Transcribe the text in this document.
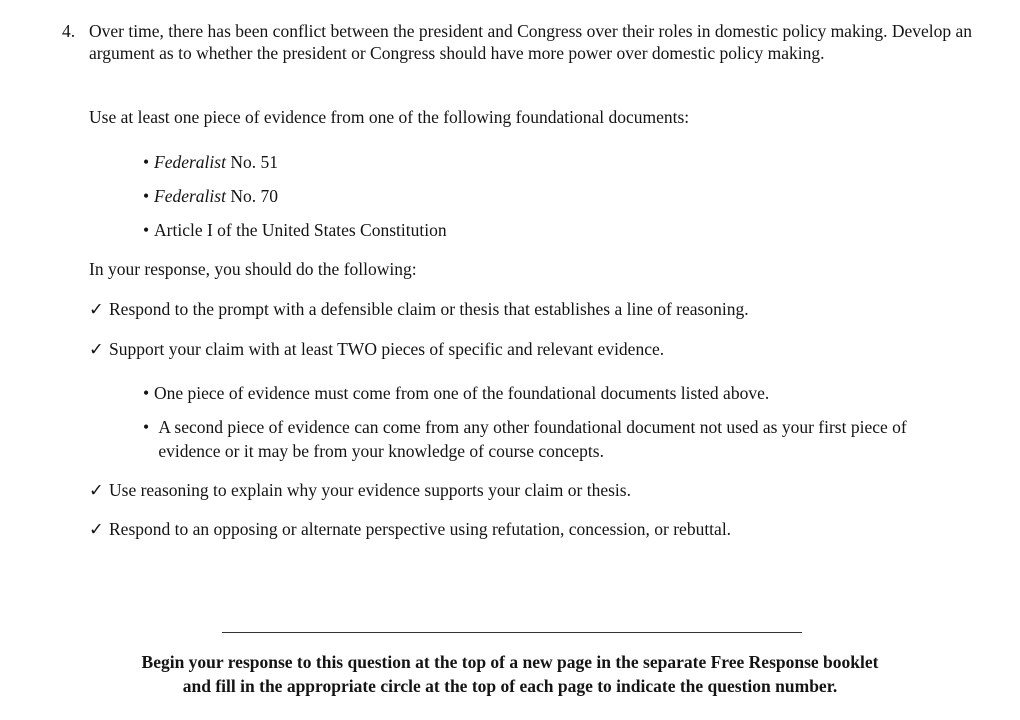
4. Over time, there has been conflict between the president and Congress over their roles in domestic policy making. Develop an argument as to whether the president or Congress should have more power over domestic policy making.

Use at least one piece of evidence from one of the following foundational documents:

• Federalist No. 51
• Federalist No. 70
• Article I of the United States Constitution

In your response, you should do the following:

✓ Respond to the prompt with a defensible claim or thesis that establishes a line of reasoning.
✓ Support your claim with at least TWO pieces of specific and relevant evidence.
• One piece of evidence must come from one of the foundational documents listed above.
• A second piece of evidence can come from any other foundational document not used as your first piece of evidence or it may be from your knowledge of course concepts.
✓ Use reasoning to explain why your evidence supports your claim or thesis.
✓ Respond to an opposing or alternate perspective using refutation, concession, or rebuttal.
Begin your response to this question at the top of a new page in the separate Free Response booklet
and fill in the appropriate circle at the top of each page to indicate the question number.
